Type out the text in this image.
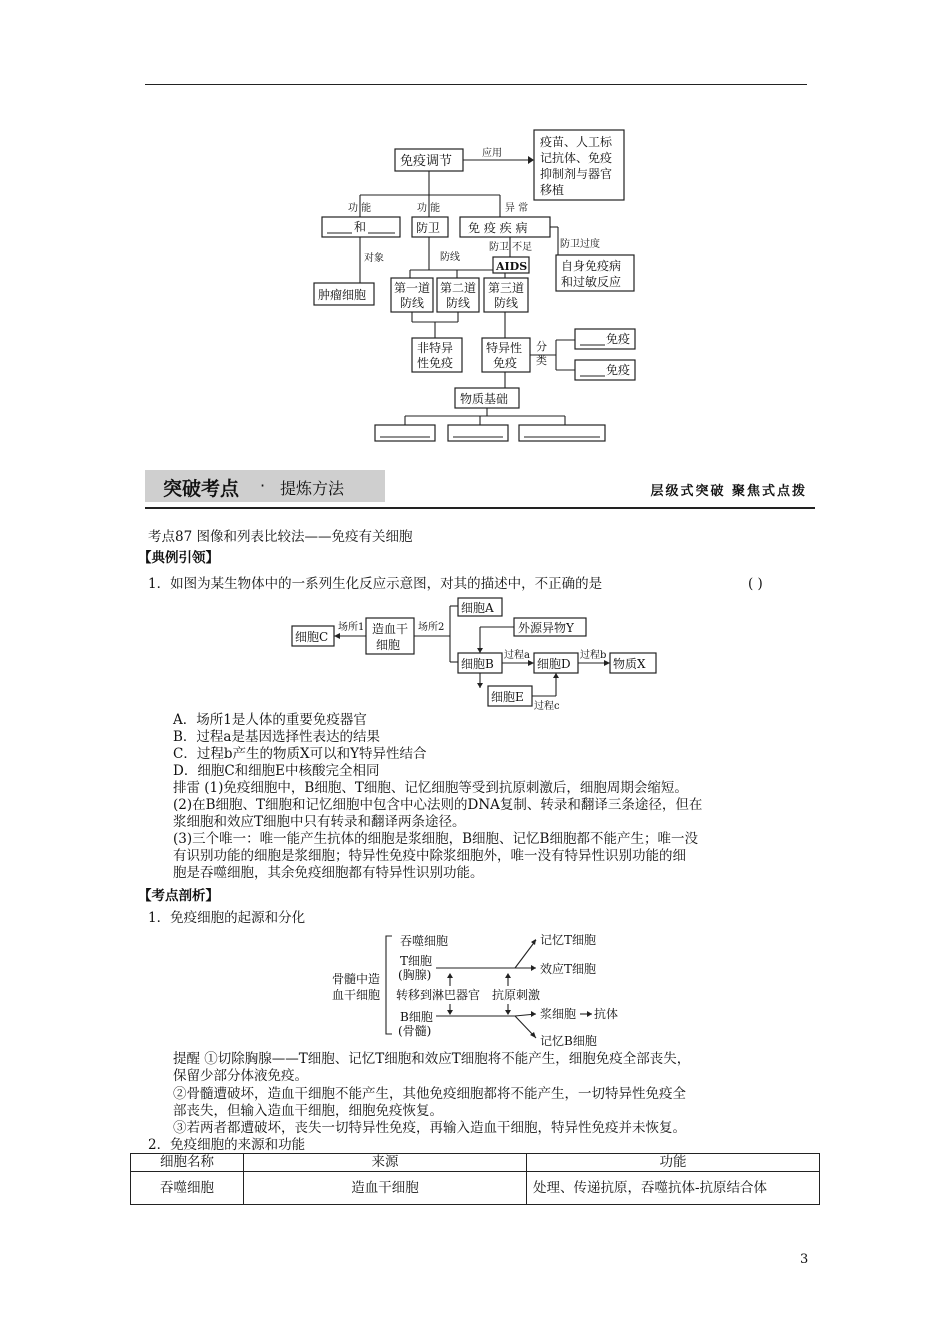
免疫调节
应用
疫苗、人工标
记抗体、免疫
抑制剂与器官
移植
功 能	功 能	异 常
和	防卫 免 疫 疾 病
对象
肿瘤细胞
防线
防卫 不足
AIDS
防卫过度
自身免疫病
和过敏反应
第一道
防线
第二道
防线
第三道
防线
非特异
性免疫
特异性
免疫
分
类
免疫
免疫
物质基础
突破考点 · 提炼方法	层级式突破 聚焦式点拨
考点87 图像和列表比较法——免疫有关细胞
【典例引领】
1．如图为某生物体中的一系列生化反应示意图，对其的描述中，不正确的是	( )
细胞C
场所1 造血干
细胞
场所2
细胞A
外源异物Y
细胞B
过程a
细胞D
过程b
物质X
细胞E
过程c
A．场所1是人体的重要免疫器官
B．过程a是基因选择性表达的结果
C．过程b产生的物质X可以和Y特异性结合
D．细胞C和细胞E中核酸完全相同
排雷 (1)免疫细胞中，B细胞、T细胞、记忆细胞等受到抗原刺激后，细胞周期会缩短。
(2)在B细胞、T细胞和记忆细胞中包含中心法则的DNA复制、转录和翻译三条途径，但在
浆细胞和效应T细胞中只有转录和翻译两条途径。
(3)三个唯一：唯一能产生抗体的细胞是浆细胞，B细胞、记忆B细胞都不能产生；唯一没
有识别功能的细胞是浆细胞；特异性免疫中除浆细胞外，唯一没有特异性识别功能的细
胞是吞噬细胞，其余免疫细胞都有特异性识别功能。
【考点剖析】
1．免疫细胞的起源和分化
骨髓中造
血干细胞
吞噬细胞
T细胞
(胸腺)
转移到淋巴器官 抗原刺激
B细胞
(骨髓)
记忆T细胞
效应T细胞
浆细胞 抗体
记忆B细胞
提醒 ①切除胸腺——T细胞、记忆T细胞和效应T细胞将不能产生，细胞免疫全部丧失，
保留少部分体液免疫。
②骨髓遭破坏，造血干细胞不能产生，其他免疫细胞都将不能产生，一切特异性免疫全
部丧失，但输入造血干细胞，细胞免疫恢复。
③若两者都遭破坏，丧失一切特异性免疫，再输入造血干细胞，特异性免疫并未恢复。
2．免疫细胞的来源和功能
细胞名称	来源	功能
吞噬细胞	造血干细胞	处理、传递抗原，吞噬抗体-抗原结合体
3
